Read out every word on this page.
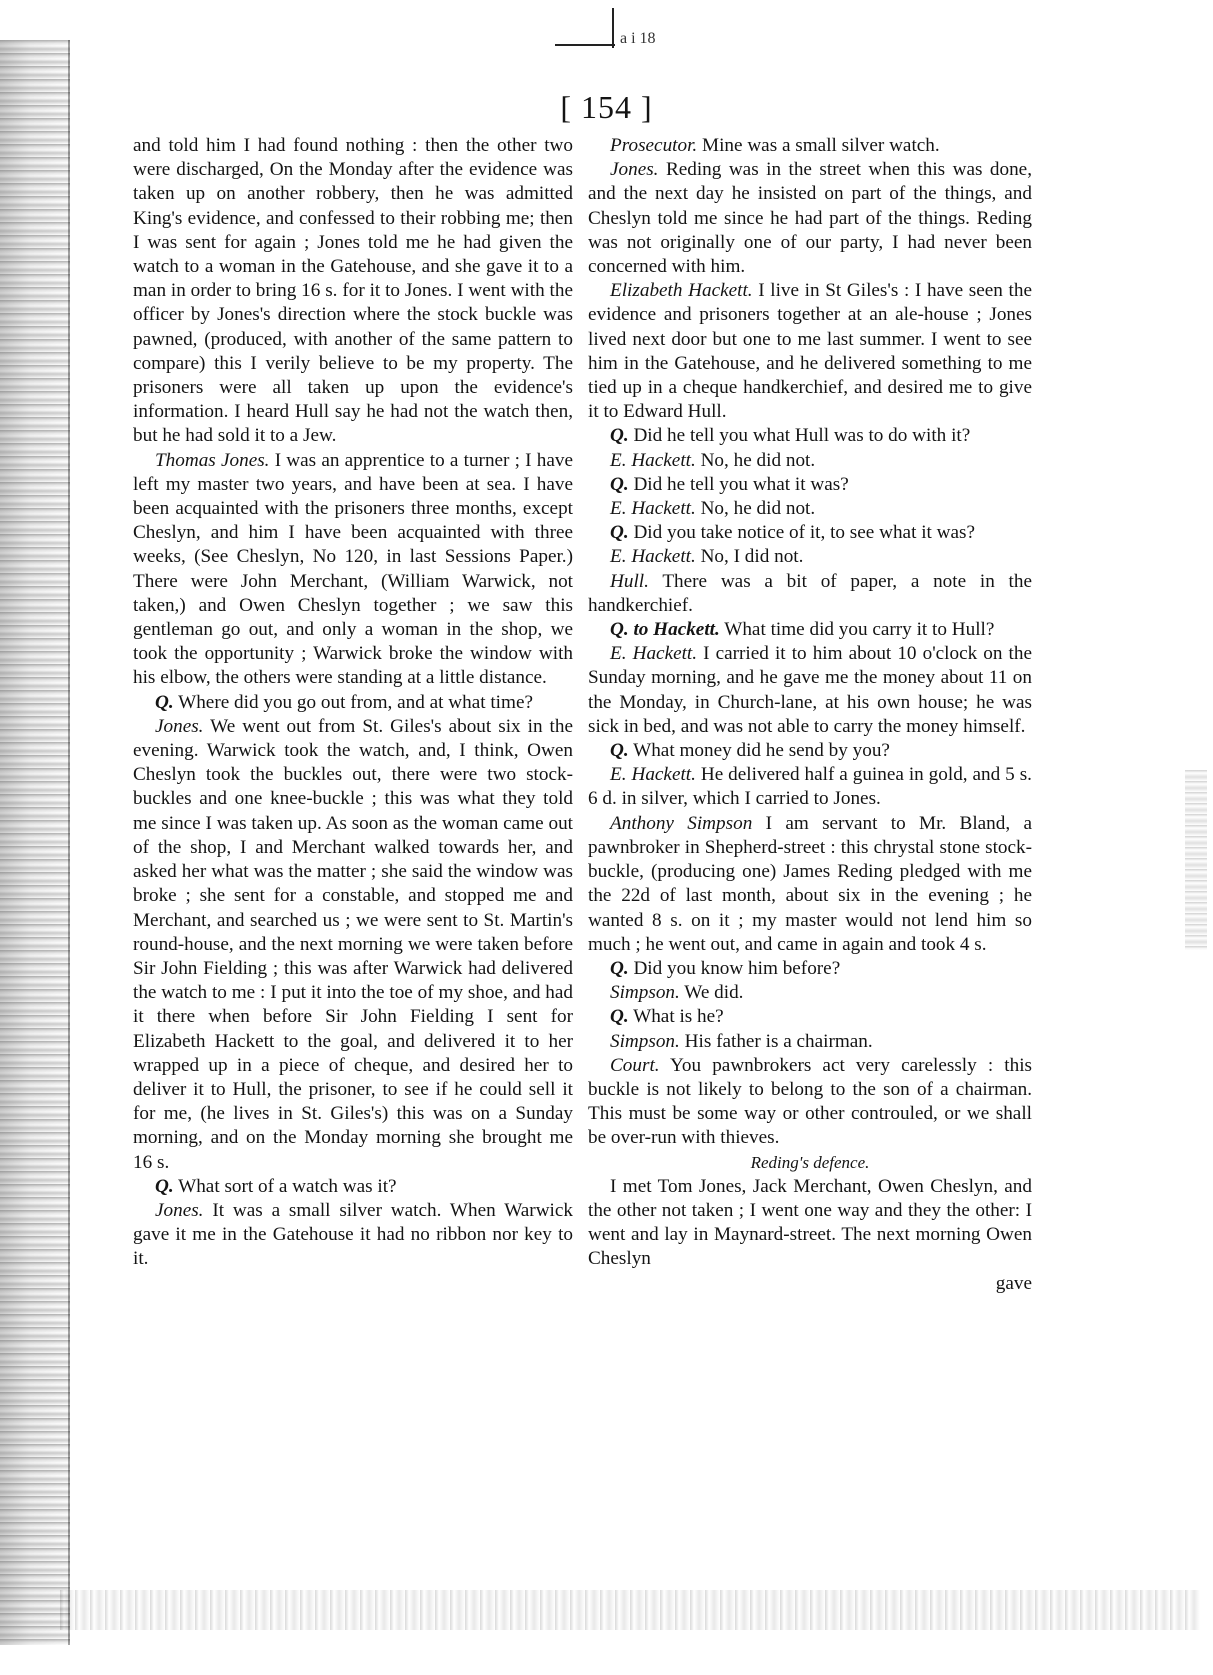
a i 18
[ 154 ]

and told him I had found nothing : then the other two were discharged, On the Monday after the evidence was taken up on another robbery, then he was admitted King's evidence, and confessed to their robbing me; then I was sent for again ; Jones told me he had given the watch to a woman in the Gatehouse, and she gave it to a man in order to bring 16 s. for it to Jones. I went with the officer by Jones's direction where the stock buckle was pawned, (produced, with another of the same pattern to compare) this I verily believe to be my property. The prisoners were all taken up upon the evidence's information. I heard Hull say he had not the watch then, but he had sold it to a Jew.

Thomas Jones. I was an apprentice to a turner ; I have left my master two years, and have been at sea. I have been acquainted with the prisoners three months, except Cheslyn, and him I have been acquainted with three weeks, (See Cheslyn, No 120, in last Sessions Paper.) There were John Merchant, (William Warwick, not taken,) and Owen Cheslyn together ; we saw this gentleman go out, and only a woman in the shop, we took the opportunity ; Warwick broke the window with his elbow, the others were standing at a little distance.

Q. Where did you go out from, and at what time?

Jones. We went out from St. Giles's about six in the evening. Warwick took the watch, and, I think, Owen Cheslyn took the buckles out, there were two stock-buckles and one knee-buckle ; this was what they told me since I was taken up. As soon as the woman came out of the shop, I and Merchant walked towards her, and asked her what was the matter ; she said the window was broke ; she sent for a constable, and stopped me and Merchant, and searched us ; we were sent to St. Martin's round-house, and the next morning we were taken before Sir John Fielding ; this was after Warwick had delivered the watch to me : I put it into the toe of my shoe, and had it there when before Sir John Fielding I sent for Elizabeth Hackett to the goal, and delivered it to her wrapped up in a piece of cheque, and desired her to deliver it to Hull, the prisoner, to see if he could sell it for me, (he lives in St. Giles's) this was on a Sunday morning, and on the Monday morning she brought me 16 s.

Q. What sort of a watch was it?

Jones. It was a small silver watch. When Warwick gave it me in the Gatehouse it had no ribbon nor key to it.

Prosecutor. Mine was a small silver watch.

Jones. Reding was in the street when this was done, and the next day he insisted on part of the things, and Cheslyn told me since he had part of the things. Reding was not originally one of our party, I had never been concerned with him.

Elizabeth Hackett. I live in St Giles's : I have seen the evidence and prisoners together at an ale-house ; Jones lived next door but one to me last summer. I went to see him in the Gatehouse, and he delivered something to me tied up in a cheque handkerchief, and desired me to give it to Edward Hull.

Q. Did he tell you what Hull was to do with it?

E. Hackett. No, he did not.

Q. Did he tell you what it was?

E. Hackett. No, he did not.

Q. Did you take notice of it, to see what it was?

E. Hackett. No, I did not.

Hull. There was a bit of paper, a note in the handkerchief.

Q. to Hackett. What time did you carry it to Hull?

E. Hackett. I carried it to him about 10 o'clock on the Sunday morning, and he gave me the money about 11 on the Monday, in Church-lane, at his own house; he was sick in bed, and was not able to carry the money himself.

Q. What money did he send by you?

E. Hackett. He delivered half a guinea in gold, and 5 s. 6 d. in silver, which I carried to Jones.

Anthony Simpson I am servant to Mr. Bland, a pawnbroker in Shepherd-street : this chrystal stone stock-buckle, (producing one) James Reding pledged with me the 22d of last month, about six in the evening ; he wanted 8 s. on it ; my master would not lend him so much ; he went out, and came in again and took 4 s.

Q. Did you know him before?

Simpson. We did.

Q. What is he?

Simpson. His father is a chairman.

Court. You pawnbrokers act very carelessly : this buckle is not likely to belong to the son of a chairman. This must be some way or other controuled, or we shall be over-run with thieves.

Reding's defence.

I met Tom Jones, Jack Merchant, Owen Cheslyn, and the other not taken ; I went one way and they the other: I went and lay in Maynard-street. The next morning Owen Cheslyn

gave
